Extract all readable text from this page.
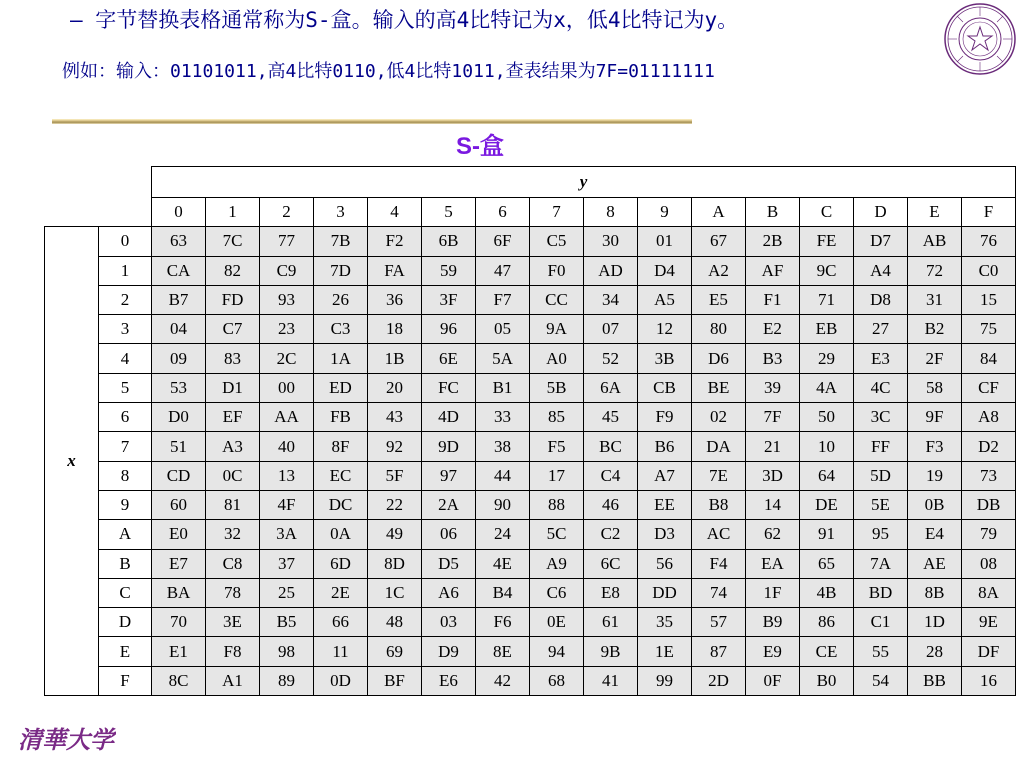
– 字节替换表格通常称为S-盒。输入的高4比特记为x，低4比特记为y。
例如：输入：01101011,高4比特0110,低4比特1011,查表结果为7F=01111111
S-盒
		y															
		0	1	2	3	4	5	6	7	8	9	A	B	C	D	E	F
x	0	63	7C	77	7B	F2	6B	6F	C5	30	01	67	2B	FE	D7	AB	76
	1	CA	82	C9	7D	FA	59	47	F0	AD	D4	A2	AF	9C	A4	72	C0
	2	B7	FD	93	26	36	3F	F7	CC	34	A5	E5	F1	71	D8	31	15
	3	04	C7	23	C3	18	96	05	9A	07	12	80	E2	EB	27	B2	75
	4	09	83	2C	1A	1B	6E	5A	A0	52	3B	D6	B3	29	E3	2F	84
	5	53	D1	00	ED	20	FC	B1	5B	6A	CB	BE	39	4A	4C	58	CF
	6	D0	EF	AA	FB	43	4D	33	85	45	F9	02	7F	50	3C	9F	A8
	7	51	A3	40	8F	92	9D	38	F5	BC	B6	DA	21	10	FF	F3	D2
	8	CD	0C	13	EC	5F	97	44	17	C4	A7	7E	3D	64	5D	19	73
	9	60	81	4F	DC	22	2A	90	88	46	EE	B8	14	DE	5E	0B	DB
	A	E0	32	3A	0A	49	06	24	5C	C2	D3	AC	62	91	95	E4	79
	B	E7	C8	37	6D	8D	D5	4E	A9	6C	56	F4	EA	65	7A	AE	08
	C	BA	78	25	2E	1C	A6	B4	C6	E8	DD	74	1F	4B	BD	8B	8A
	D	70	3E	B5	66	48	03	F6	0E	61	35	57	B9	86	C1	1D	9E
	E	E1	F8	98	11	69	D9	8E	94	9B	1E	87	E9	CE	55	28	DF
	F	8C	A1	89	0D	BF	E6	42	68	41	99	2D	0F	B0	54	BB	16
清華大学
